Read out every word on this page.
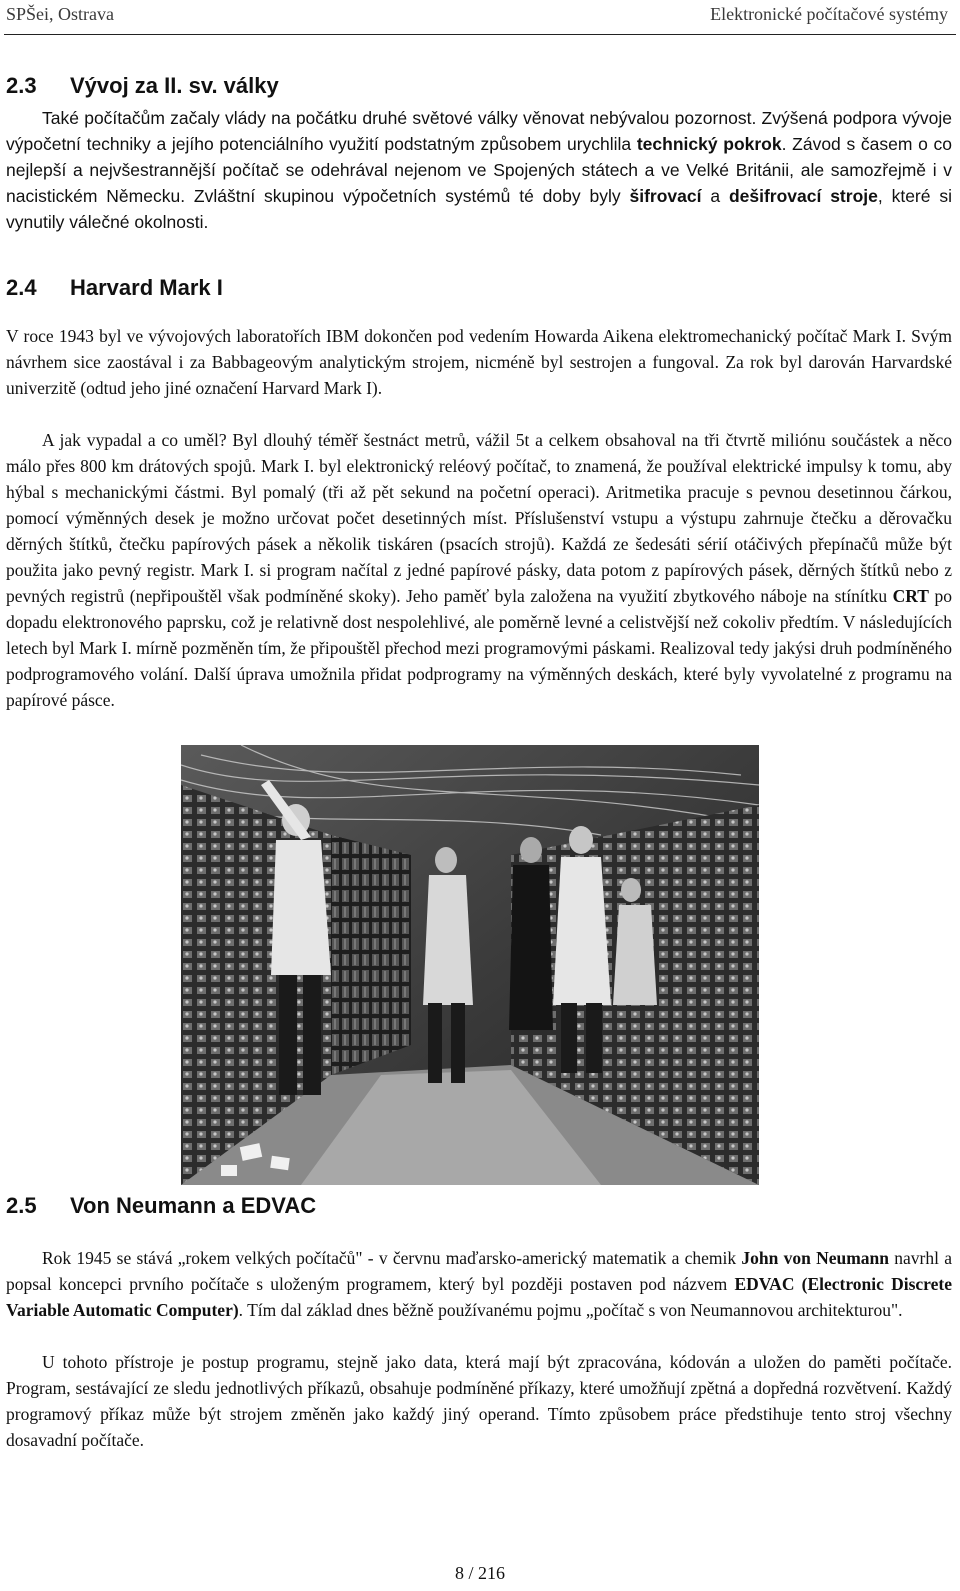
SPŠei, Ostrava	Elektronické počítačové systémy
2.3 Vývoj za II. sv. války
Také počítačům začaly vlády na počátku druhé světové války věnovat nebývalou pozornost. Zvýšená podpora vývoje výpočetní techniky a jejího potenciálního využití podstatným způsobem urychlila technický pokrok. Závod s časem o co nejlepší a nejvšestrannější počítač se odehrával nejenom ve Spojených státech a ve Velké Británii, ale samozřejmě i v nacistickém Německu. Zvláštní skupinou výpočetních systémů té doby byly šifrovací a dešifrovací stroje, které si vynutily válečné okolnosti.
2.4 Harvard Mark I
V roce 1943 byl ve vývojových laboratořích IBM dokončen pod vedením Howarda Aikena elektromechanický počítač Mark I. Svým návrhem sice zaostával i za Babbageovým analytickým strojem, nicméně byl sestrojen a fungoval. Za rok byl darován Harvardské univerzitě (odtud jeho jiné označení Harvard Mark I).
A jak vypadal a co uměl? Byl dlouhý téměř šestnáct metrů, vážil 5t a celkem obsahoval na tři čtvrtě miliónu součástek a něco málo přes 800 km drátových spojů. Mark I. byl elektronický reléový počítač, to znamená, že používal elektrické impulsy k tomu, aby hýbal s mechanickými částmi. Byl pomalý (tři až pět sekund na početní operaci). Aritmetika pracuje s pevnou desetinnou čárkou, pomocí výměnných desek je možno určovat počet desetinných míst. Příslušenství vstupu a výstupu zahrnuje čtečku a děrovačku děrných štítků, čtečku papírových pásek a několik tiskáren (psacích strojů). Každá ze šedesáti sérií otáčivých přepínačů může být použita jako pevný registr. Mark I. si program načítal z jedné papírové pásky, data potom z papírových pásek, děrných štítků nebo z pevných registrů (nepřipouštěl však podmíněné skoky). Jeho paměť byla založena na využití zbytkového náboje na stínítku CRT po dopadu elektronového paprsku, což je relativně dost nespolehlivé, ale poměrně levné a celistvější než cokoliv předtím. V následujících letech byl Mark I. mírně pozměněn tím, že připouštěl přechod mezi programovými páskami. Realizoval tedy jakýsi druh podmíněného podprogramového volání. Další úprava umožnila přidat podprogramy na výměnných deskách, které byly vyvolatelné z programu na papírové pásce.
2.5 Von Neumann a EDVAC
Rok 1945 se stává „rokem velkých počítačů" - v červnu maďarsko-americký matematik a chemik John von Neumann navrhl a popsal koncepci prvního počítače s uloženým programem, který byl později postaven pod názvem EDVAC (Electronic Discrete Variable Automatic Computer). Tím dal základ dnes běžně používanému pojmu „počítač s von Neumannovou architekturou".
U tohoto přístroje je postup programu, stejně jako data, která mají být zpracována, kódován a uložen do paměti počítače. Program, sestávající ze sledu jednotlivých příkazů, obsahuje podmíněné příkazy, které umožňují zpětná a dopředná rozvětvení. Každý programový příkaz může být strojem změněn jako každý jiný operand. Tímto způsobem práce předstihuje tento stroj všechny dosavadní počítače.
8 / 216
